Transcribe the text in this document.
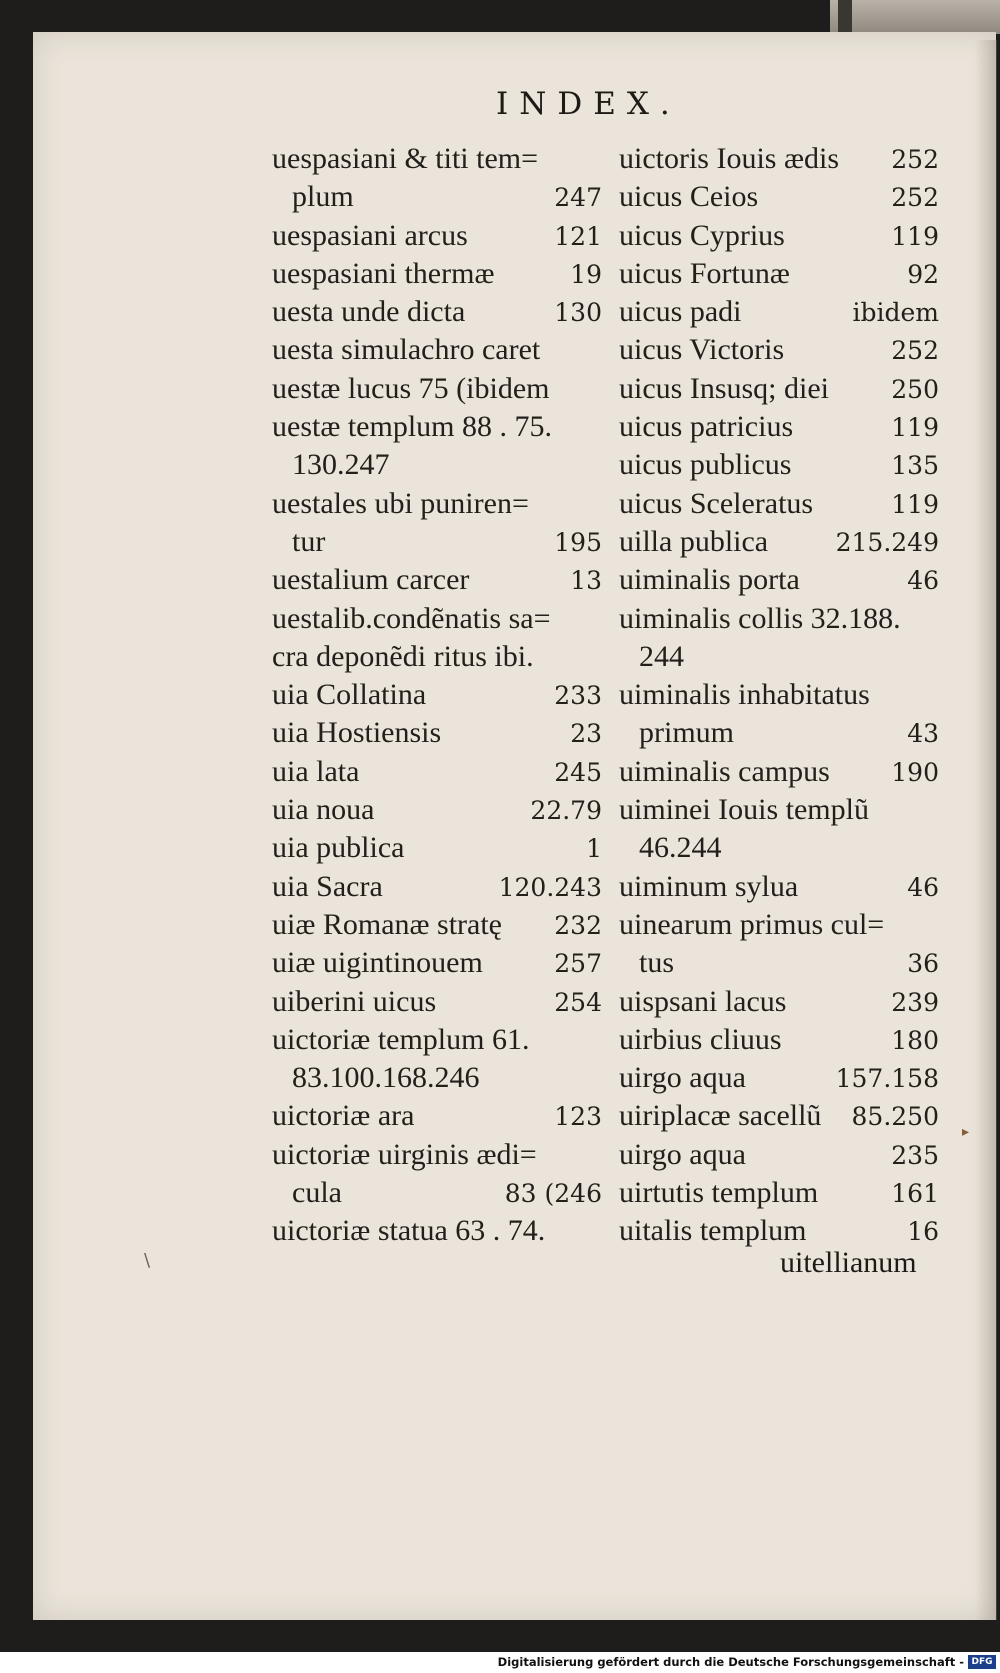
INDEX.
uespasiani & titi tem=
plum	247
uespasiani arcus	121
uespasiani thermæ	19
uesta unde dicta	130
uesta simulachro caret
uestæ lucus 75 (ibidem
uestæ templum 88 . 75.
130.247
uestales ubi puniren=
tur	195
uestalium carcer	13
uestalib.condẽnatis sa=
cra deponẽdi ritus ibi.
uia Collatina	233
uia Hostiensis	23
uia lata	245
uia noua	22.79
uia publica	1
uia Sacra	120.243
uiæ Romanæ stratę 232
uiæ uigintinouem	257
uiberini uicus	254
uictoriæ templum 61.
83.100.168.246
uictoriæ ara	123
uictoriæ uirginis ædi=
cula	83 (246
uictoriæ statua 63 . 74.
uictoris Iouis ædis 252
uicus Ceios	252
uicus Cyprius	119
uicus Fortunæ	92
uicus padi	ibidem
uicus Victoris	252
uicus Insusq; diei 250
uicus patricius	119
uicus publicus	135
uicus Sceleratus	119
uilla publica	215.249
uiminalis porta	46
uiminalis collis 32.188.
244
uiminalis inhabitatus
primum	43
uiminalis campus 190
uiminei Iouis templũ
46.244
uiminum sylua	46
uinearum primus cul=
tus	36
uispsani lacus	239
uirbius cliuus	180
uirgo aqua	157.158
uiriplacæ sacellũ 85.250
uirgo aqua	235
uirtutis templum	161
uitalis templum	16
uitellianum
\
▸
Digitalisierung gefördert durch die Deutsche Forschungsgemeinschaft - DFG
